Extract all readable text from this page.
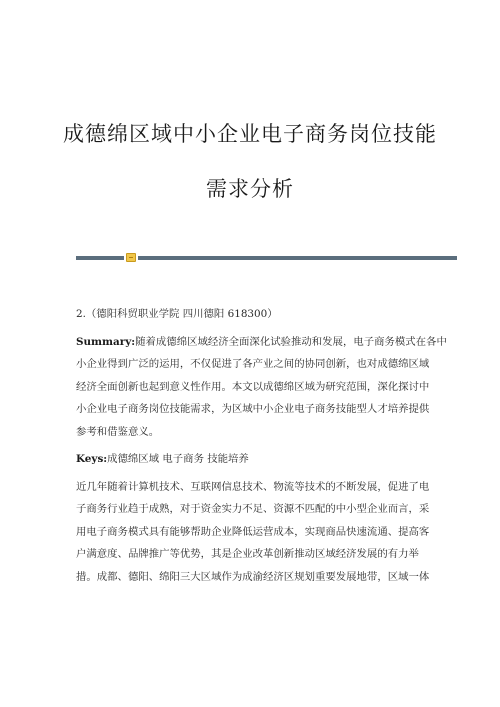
成德绵区域中小企业电子商务岗位技能
需求分析
2.（德阳科贸职业学院 四川德阳 618300）
Summary:随着成德绵区域经济全面深化试验推动和发展，电子商务模式在各中
小企业得到广泛的运用，不仅促进了各产业之间的协同创新，也对成德绵区域
经济全面创新也起到意义性作用。本文以成德绵区域为研究范围，深化探讨中
小企业电子商务岗位技能需求，为区域中小企业电子商务技能型人才培养提供
参考和借鉴意义。
Keys:成德绵区域 电子商务 技能培养
近几年随着计算机技术、互联网信息技术、物流等技术的不断发展，促进了电
子商务行业趋于成熟，对于资金实力不足、资源不匹配的中小型企业而言，采
用电子商务模式具有能够帮助企业降低运营成本，实现商品快速流通、提高客
户满意度、品牌推广等优势，其是企业改革创新推动区域经济发展的有力举
措。成都、德阳、绵阳三大区域作为成渝经济区规划重要发展地带，区域一体
